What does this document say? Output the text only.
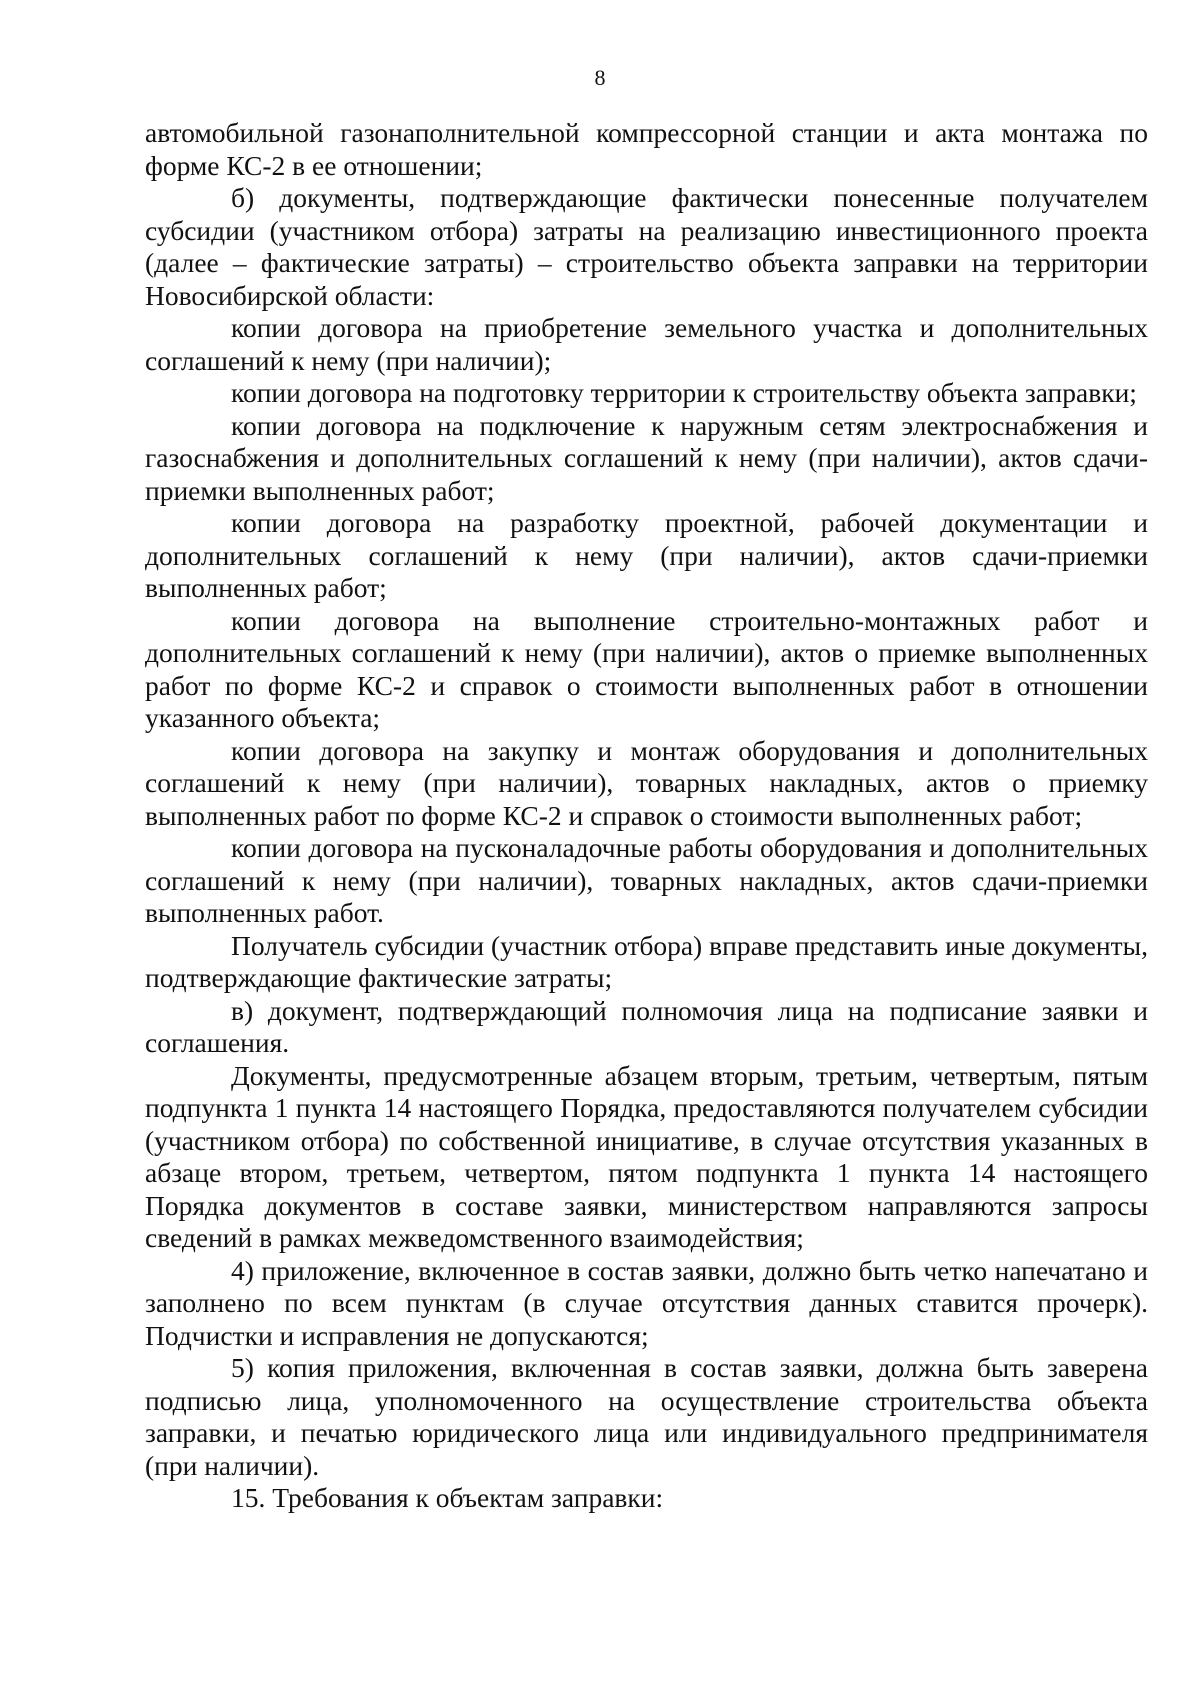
8

автомобильной газонаполнительной компрессорной станции и акта монтажа по форме КС-2 в ее отношении;

б) документы, подтверждающие фактически понесенные получателем субсидии (участником отбора) затраты на реализацию инвестиционного проекта (далее – фактические затраты) – строительство объекта заправки на территории Новосибирской области:

копии договора на приобретение земельного участка и дополнительных соглашений к нему (при наличии);

копии договора на подготовку территории к строительству объекта заправки;

копии договора на подключение к наружным сетям электроснабжения и газоснабжения и дополнительных соглашений к нему (при наличии), актов сдачи-приемки выполненных работ;

копии договора на разработку проектной, рабочей документации и дополнительных соглашений к нему (при наличии), актов сдачи-приемки выполненных работ;

копии договора на выполнение строительно-монтажных работ и дополнительных соглашений к нему (при наличии), актов о приемке выполненных работ по форме КС-2 и справок о стоимости выполненных работ в отношении указанного объекта;

копии договора на закупку и монтаж оборудования и дополнительных соглашений к нему (при наличии), товарных накладных, актов о приемку выполненных работ по форме КС-2 и справок о стоимости выполненных работ;

копии договора на пусконаладочные работы оборудования и дополнительных соглашений к нему (при наличии), товарных накладных, актов сдачи-приемки выполненных работ.

Получатель субсидии (участник отбора) вправе представить иные документы, подтверждающие фактические затраты;

в) документ, подтверждающий полномочия лица на подписание заявки и соглашения.

Документы, предусмотренные абзацем вторым, третьим, четвертым, пятым подпункта 1 пункта 14 настоящего Порядка, предоставляются получателем субсидии (участником отбора) по собственной инициативе, в случае отсутствия указанных в абзаце втором, третьем, четвертом, пятом подпункта 1 пункта 14 настоящего Порядка документов в составе заявки, министерством направляются запросы сведений в рамках межведомственного взаимодействия;

4) приложение, включенное в состав заявки, должно быть четко напечатано и заполнено по всем пунктам (в случае отсутствия данных ставится прочерк). Подчистки и исправления не допускаются;

5) копия приложения, включенная в состав заявки, должна быть заверена подписью лица, уполномоченного на осуществление строительства объекта заправки, и печатью юридического лица или индивидуального предпринимателя (при наличии).

15. Требования к объектам заправки:
